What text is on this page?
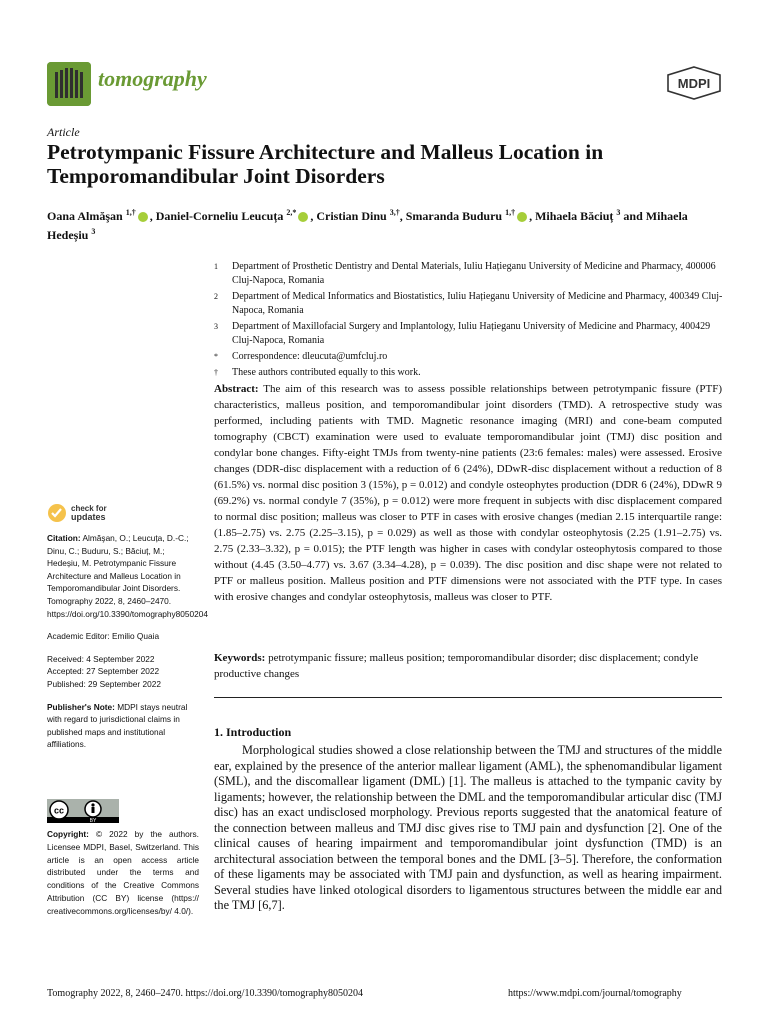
tomography	MDPI
Article
Petrotympanic Fissure Architecture and Malleus Location in Temporomandibular Joint Disorders
Oana Almăşan $^{1,\dagger}$ , Daniel-Corneliu Leucuța $^{2,*}$ , Cristian Dinu $^{3,\dagger}$, Smaranda Buduru $^{1,\dagger}$ , Mihaela Băciuț $^3$ and Mihaela Hedeșiu $^3$
1	Department of Prosthetic Dentistry and Dental Materials, Iuliu Hațieganu University of Medicine and Pharmacy, 400006 Cluj-Napoca, Romania
2	Department of Medical Informatics and Biostatistics, Iuliu Hațieganu University of Medicine and Pharmacy, 400349 Cluj-Napoca, Romania
3	Department of Maxillofacial Surgery and Implantology, Iuliu Hațieganu University of Medicine and Pharmacy, 400429 Cluj-Napoca, Romania
*	Correspondence: dleucuta@umfcluj.ro
†	These authors contributed equally to this work.
check for
updates

Citation: Almăşan, O.; Leucuța, D.-C.; Dinu, C.; Buduru, S.; Băciuț, M.; Hedeșiu, M. Petrotympanic Fissure Architecture and Malleus Location in Temporomandibular Joint Disorders. Tomography 2022, 8, 2460–2470. https://doi.org/10.3390/tomography8050204

Academic Editor: Emilio Quaia

Received: 4 September 2022

Accepted: 27 September 2022

Published: 29 September 2022

Publisher's Note: MDPI stays neutral with regard to jurisdictional claims in published maps and institutional affiliations.

cc
BY
Copyright: © 2022 by the authors. Licensee MDPI, Basel, Switzerland. This article is an open access article distributed under the terms and conditions of the Creative Commons Attribution (CC BY) license (https:// creativecommons.org/licenses/by/ 4.0/).
Abstract: The aim of this research was to assess possible relationships between petrotympanic fissure (PTF) characteristics, malleus position, and temporomandibular joint disorders (TMD). A retrospective study was performed, including patients with TMD. Magnetic resonance imaging (MRI) and cone-beam computed tomography (CBCT) examination were used to evaluate temporomandibular joint (TMJ) disc position and condylar bone changes. Fifty-eight TMJs from twenty-nine patients (23:6 females: males) were assessed. Erosive changes (DDR-disc displacement with a reduction of 6 (24%), DDwR-disc displacement without a reduction of 8 (61.5%) vs. normal disc position 3 (15%), p = 0.012) and condyle osteophytes production (DDR 6 (24%), DDwR 9 (69.2%) vs. normal condyle 7 (35%), p = 0.012) were more frequent in subjects with disc displacement compared to normal disc position; malleus was closer to PTF in cases with erosive changes (median 2.15 interquartile range: (1.85–2.75) vs. 2.75 (2.25–3.15), p = 0.029) as well as those with condylar osteophytosis (2.25 (1.91–2.75) vs. 2.75 (2.33–3.32), p = 0.015); the PTF length was higher in cases with condylar osteophytosis compared to those without (4.45 (3.50–4.77) vs. 3.67 (3.34–4.28), p = 0.039). The disc position and disc shape were not related to PTF or malleus position. Malleus position and PTF dimensions were not associated with the PTF type. In cases with erosive changes and condylar osteophytosis, malleus was closer to PTF.
Keywords: petrotympanic fissure; malleus position; temporomandibular disorder; disc displacement; condyle productive changes
1. Introduction
Morphological studies showed a close relationship between the TMJ and structures of the middle ear, explained by the presence of the anterior mallear ligament (AML), the sphenomandibular ligament (SML), and the discomallear ligament (DML) [1]. The malleus is attached to the tympanic cavity by ligaments; however, the relationship between the DML and the temporomandibular articular disc (TMJ disc) has an exact undisclosed morphology. Previous reports suggested that the anatomical feature of the connection between malleus and TMJ disc gives rise to TMJ pain and dysfunction [2]. One of the clinical causes of hearing impairment and temporomandibular joint dysfunction (TMD) is an architectural association between the temporal bones and the DML [3–5]. Therefore, the conformation of these ligaments may be associated with TMJ pain and dysfunction, as well as hearing impairment. Several studies have linked otological disorders to ligamentous structures between the middle ear and the TMJ [6,7].
Tomography 2022, 8, 2460–2470. https://doi.org/10.3390/tomography8050204	https://www.mdpi.com/journal/tomography
